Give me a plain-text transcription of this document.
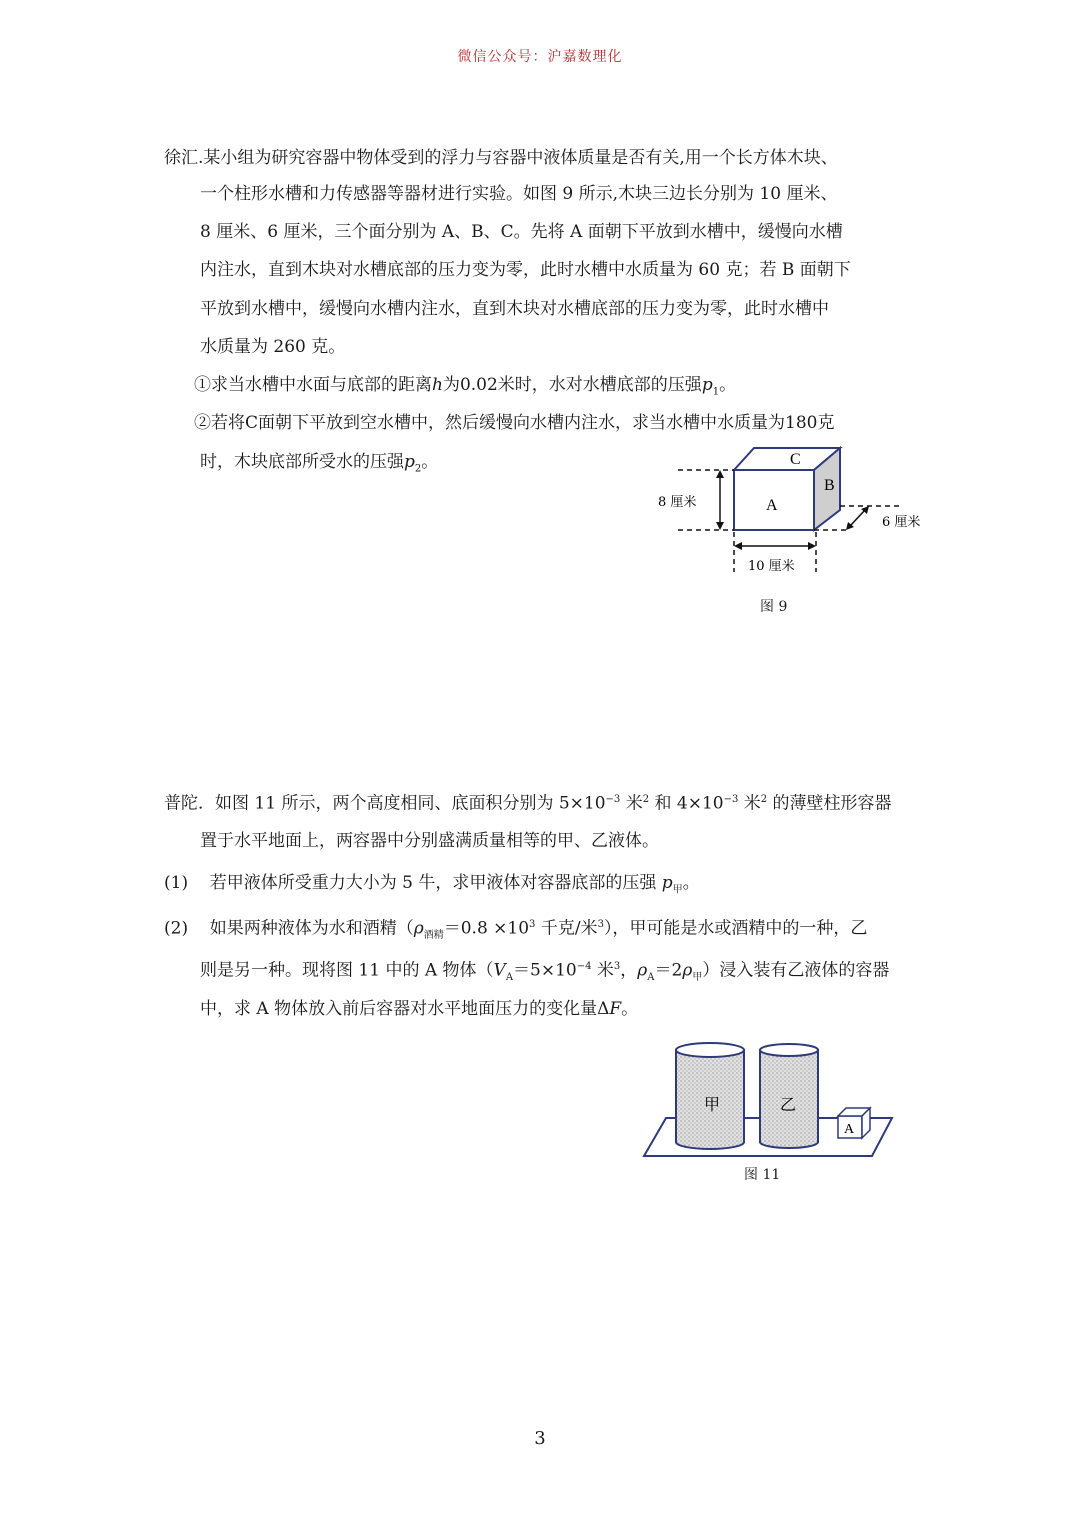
微信公众号：沪嘉数理化
徐汇.某小组为研究容器中物体受到的浮力与容器中液体质量是否有关,用一个长方体木块、
一个柱形水槽和力传感器等器材进行实验。如图 9 所示,木块三边长分别为 10 厘米、
8 厘米、6 厘米，三个面分别为 A、B、C。先将 A 面朝下平放到水槽中，缓慢向水槽
内注水，直到木块对水槽底部的压力变为零，此时水槽中水质量为 60 克；若 B 面朝下
平放到水槽中，缓慢向水槽内注水，直到木块对水槽底部的压力变为零，此时水槽中
水质量为 260 克。
①求当水槽中水面与底部的距离h为0.02米时，水对水槽底部的压强$p_1$。
②若将C面朝下平放到空水槽中，然后缓慢向水槽内注水，求当水槽中水质量为180克
时，木块底部所受水的压强$p_2$。	C
A
B
8 厘米
6 厘米
10 厘米
图 9
普陀．如图 11 所示，两个高度相同、底面积分别为 $5\times 10^{-3}$ 米$^2$ 和 $4\times 10^{-3}$ 米$^2$ 的薄壁柱形容器
置于水平地面上，两容器中分别盛满质量相等的甲、乙液体。
(1) 若甲液体所受重力大小为 5 牛，求甲液体对容器底部的压强 $p_甲$。
(2) 如果两种液体为水和酒精（$\rho_{酒精}=0.8 \times 10^3$ 千克/米$^3$），甲可能是水或酒精中的一种，乙
则是另一种。现将图 11 中的 A 物体（$V_A=5\times 10^{-4}$ 米$^3$，$\rho_A=2\rho_甲$）浸入装有乙液体的容器
中，求 A 物体放入前后容器对水平地面压力的变化量ΔF。
甲	乙
A
图 11
3
